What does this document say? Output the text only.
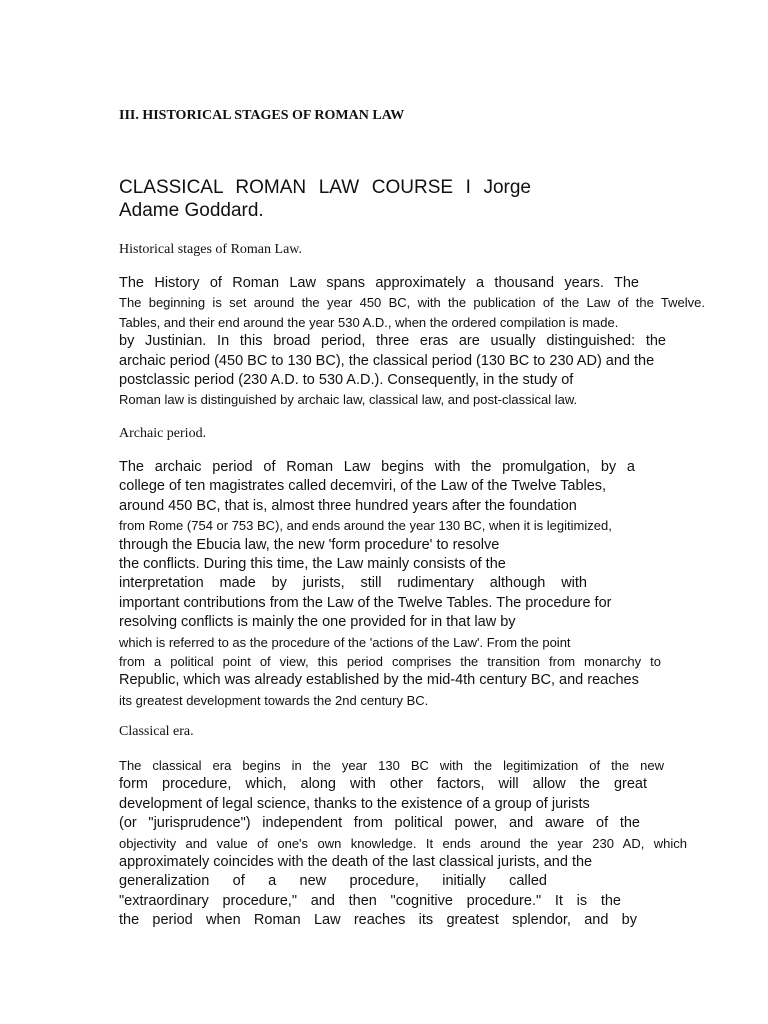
III. HISTORICAL STAGES OF ROMAN LAW
CLASSICAL ROMAN LAW COURSE I Jorge
Adame Goddard.
Historical stages of Roman Law.
The History of Roman Law spans approximately a thousand years. The
The beginning is set around the year 450 BC, with the publication of the Law of the Twelve.
Tables, and their end around the year 530 A.D., when the ordered compilation is made.
by Justinian. In this broad period, three eras are usually distinguished: the
archaic period (450 BC to 130 BC), the classical period (130 BC to 230 AD) and the
postclassic period (230 A.D. to 530 A.D.). Consequently, in the study of
Roman law is distinguished by archaic law, classical law, and post-classical law.
Archaic period.
The archaic period of Roman Law begins with the promulgation, by a
college of ten magistrates called decemviri, of the Law of the Twelve Tables,
around 450 BC, that is, almost three hundred years after the foundation
from Rome (754 or 753 BC), and ends around the year 130 BC, when it is legitimized,
through the Ebucia law, the new 'form procedure' to resolve
the conflicts. During this time, the Law mainly consists of the
interpretation made by jurists, still rudimentary although with
important contributions from the Law of the Twelve Tables. The procedure for
resolving conflicts is mainly the one provided for in that law by
which is referred to as the procedure of the 'actions of the Law'. From the point
from a political point of view, this period comprises the transition from monarchy to
Republic, which was already established by the mid-4th century BC, and reaches
its greatest development towards the 2nd century BC.
Classical era.
The classical era begins in the year 130 BC with the legitimization of the new
form procedure, which, along with other factors, will allow the great
development of legal science, thanks to the existence of a group of jurists
(or "jurisprudence") independent from political power, and aware of the
objectivity and value of one's own knowledge. It ends around the year 230 AD, which
approximately coincides with the death of the last classical jurists, and the
generalization of a new procedure, initially called
"extraordinary procedure," and then "cognitive procedure." It is the
the period when Roman Law reaches its greatest splendor, and by
